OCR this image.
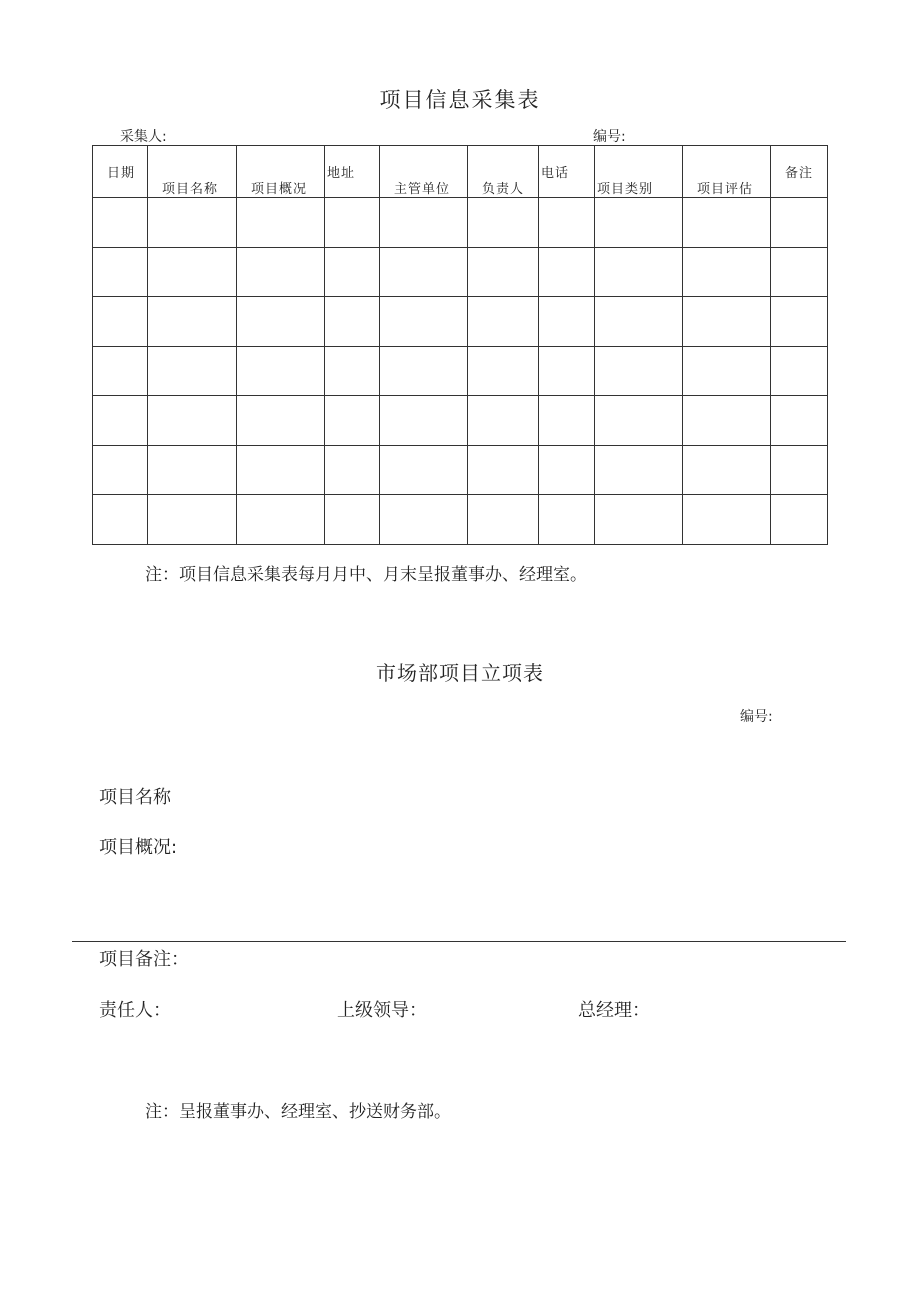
项目信息采集表
采集人:	编号:
日期	项目名称	项目概况	地址	主管单位	负责人	电话	项目类别	项目评估	备注

注：项目信息采集表每月月中、月末呈报董事办、经理室。
市场部项目立项表
编号:
项目名称
项目概况:
项目备注：
责任人：	上级领导：	总经理：
注：呈报董事办、经理室、抄送财务部。
